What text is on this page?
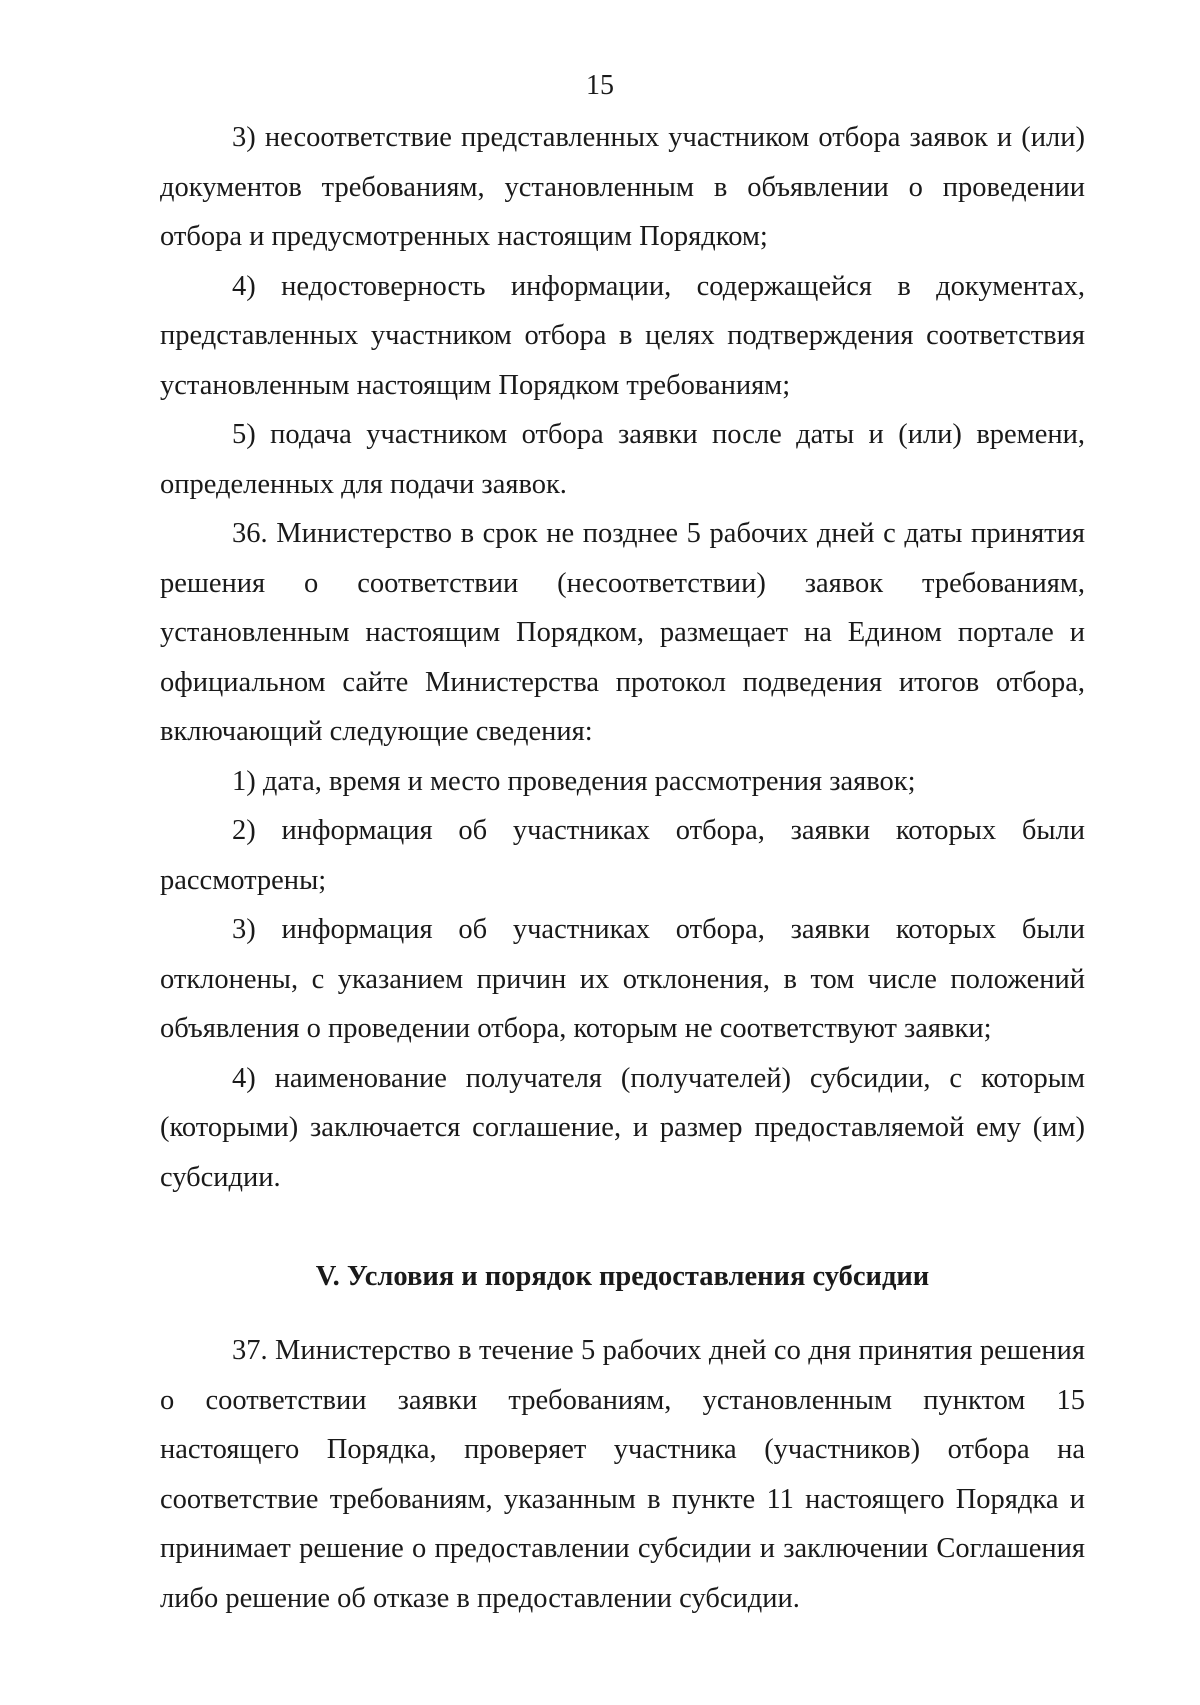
15

3) несоответствие представленных участником отбора заявок и (или) документов требованиям, установленным в объявлении о проведении отбора и предусмотренных настоящим Порядком;

4) недостоверность информации, содержащейся в документах, представленных участником отбора в целях подтверждения соответствия установленным настоящим Порядком требованиям;

5) подача участником отбора заявки после даты и (или) времени, определенных для подачи заявок.

36. Министерство в срок не позднее 5 рабочих дней с даты принятия решения о соответствии (несоответствии) заявок требованиям, установленным настоящим Порядком, размещает на Едином портале и официальном сайте Министерства протокол подведения итогов отбора, включающий следующие сведения:

1) дата, время и место проведения рассмотрения заявок;

2) информация об участниках отбора, заявки которых были рассмотрены;

3) информация об участниках отбора, заявки которых были отклонены, с указанием причин их отклонения, в том числе положений объявления о проведении отбора, которым не соответствуют заявки;

4) наименование получателя (получателей) субсидии, с которым (которыми) заключается соглашение, и размер предоставляемой ему (им) субсидии.

V. Условия и порядок предоставления субсидии

37. Министерство в течение 5 рабочих дней со дня принятия решения о соответствии заявки требованиям, установленным пунктом 15 настоящего Порядка, проверяет участника (участников) отбора на соответствие требованиям, указанным в пункте 11 настоящего Порядка и принимает решение о предоставлении субсидии и заключении Соглашения либо решение об отказе в предоставлении субсидии.
